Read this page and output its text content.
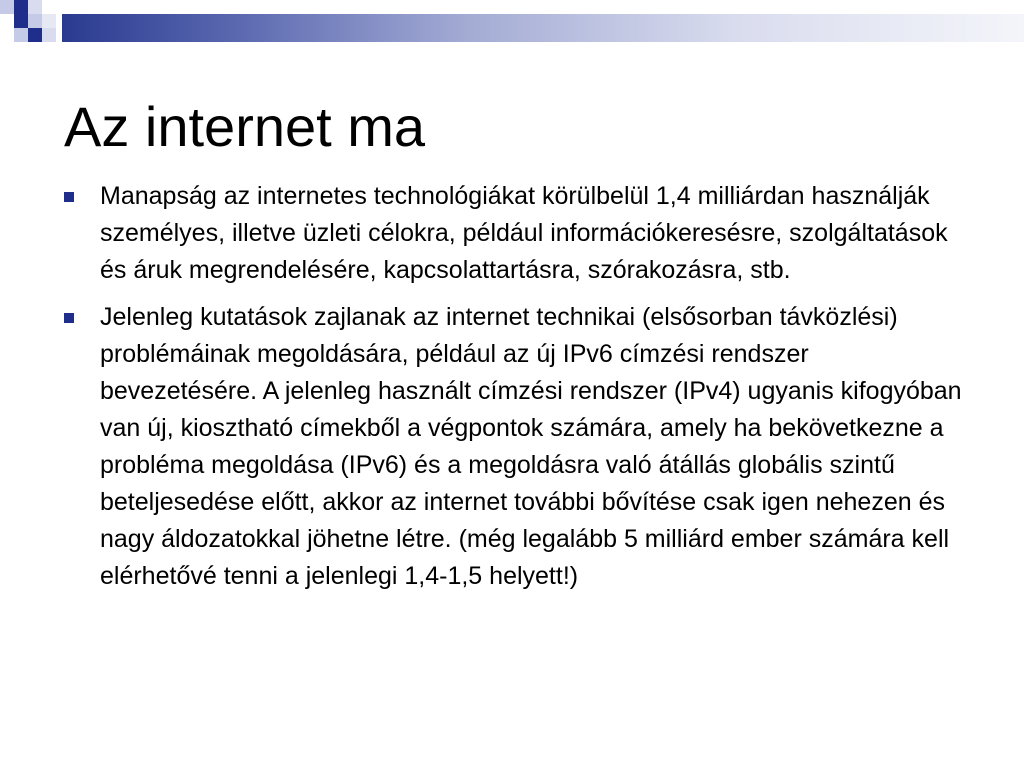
Az internet ma
Manapság az internetes technológiákat körülbelül 1,4 milliárdan használják személyes, illetve üzleti célokra, például információkeresésre, szolgáltatások és áruk megrendelésére, kapcsolattartásra, szórakozásra, stb.
Jelenleg kutatások zajlanak az internet technikai (elsősorban távközlési) problémáinak megoldására, például az új IPv6 címzési rendszer bevezetésére. A jelenleg használt címzési rendszer (IPv4) ugyanis kifogyóban van új, kiosztható címekből a végpontok számára, amely ha bekövetkezne a probléma megoldása (IPv6) és a megoldásra való átállás globális szintű beteljesedése előtt, akkor az internet további bővítése csak igen nehezen és nagy áldozatokkal jöhetne létre. (még legalább 5 milliárd ember számára kell elérhetővé tenni a jelenlegi 1,4-1,5 helyett!)
